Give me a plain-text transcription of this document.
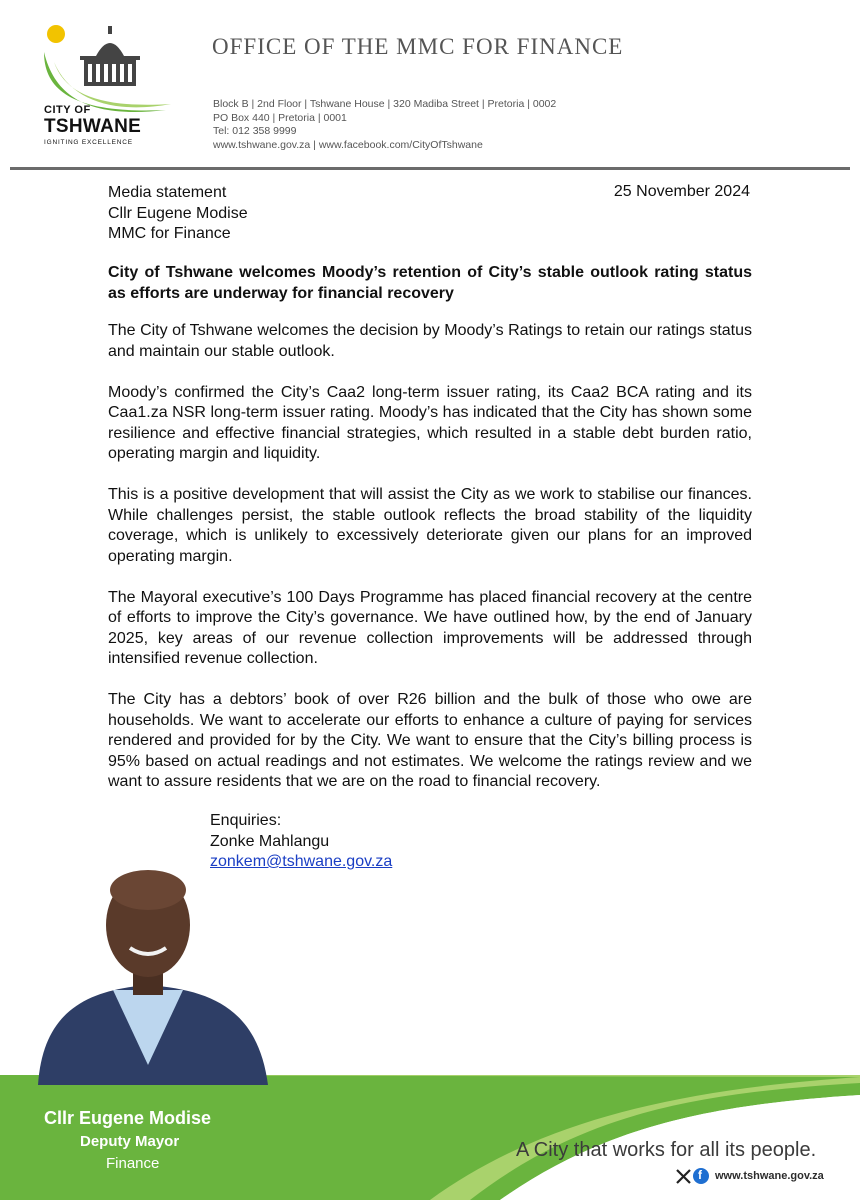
CITY OF
TSHWANE
IGNITING EXCELLENCE
OFFICE OF THE MMC FOR FINANCE
Block B | 2nd Floor | Tshwane House | 320 Madiba Street | Pretoria | 0002
PO Box 440 | Pretoria | 0001
Tel: 012 358 9999
www.tshwane.gov.za | www.facebook.com/CityOfTshwane
Media statement
Cllr Eugene Modise
MMC for Finance
25 November 2024
City of Tshwane welcomes Moody’s retention of City’s stable outlook rating status as efforts are underway for financial recovery

The City of Tshwane welcomes the decision by Moody’s Ratings to retain our ratings status and maintain our stable outlook.

Moody’s confirmed the City’s Caa2 long-term issuer rating, its Caa2 BCA rating and its Caa1.za NSR long-term issuer rating. Moody’s has indicated that the City has shown some resilience and effective financial strategies, which resulted in a stable debt burden ratio, operating margin and liquidity.

This is a positive development that will assist the City as we work to stabilise our finances. While challenges persist, the stable outlook reflects the broad stability of the liquidity coverage, which is unlikely to excessively deteriorate given our plans for an improved operating margin.

The Mayoral executive’s 100 Days Programme has placed financial recovery at the centre of efforts to improve the City’s governance. We have outlined how, by the end of January 2025, key areas of our revenue collection improvements will be addressed through intensified revenue collection.

The City has a debtors’ book of over R26 billion and the bulk of those who owe are households. We want to accelerate our efforts to enhance a culture of paying for services rendered and provided for by the City. We want to ensure that the City’s billing process is 95% based on actual readings and not estimates. We welcome the ratings review and we want to assure residents that we are on the road to financial recovery.

Enquiries:
Zonke Mahlangu
zonkem@tshwane.gov.za
Cllr Eugene Modise
Deputy Mayor
Finance
A City that works for all its people.
f
www.tshwane.gov.za
